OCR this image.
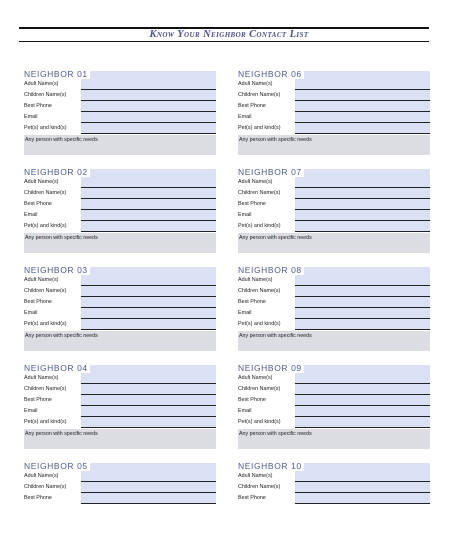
Know Your Neighbor Contact List
NEIGHBOR 01
Adult Name(s)
Children Name(s)
Best Phone
Email
Pet(s) and kind(s)
Any person with specific needs
NEIGHBOR 02
Adult Name(s)
Children Name(s)
Best Phone
Email
Pet(s) and kind(s)
Any person with specific needs
NEIGHBOR 03
Adult Name(s)
Children Name(s)
Best Phone
Email
Pet(s) and kind(s)
Any person with specific needs
NEIGHBOR 04
Adult Name(s)
Children Name(s)
Best Phone
Email
Pet(s) and kind(s)
Any person with specific needs
NEIGHBOR 05
Adult Name(s)
Children Name(s)
Best Phone
NEIGHBOR 06
Adult Name(s)
Children Name(s)
Best Phone
Email
Pet(s) and kind(s)
Any person with specific needs
NEIGHBOR 07
Adult Name(s)
Children Name(s)
Best Phone
Email
Pet(s) and kind(s)
Any person with specific needs
NEIGHBOR 08
Adult Name(s)
Children Name(s)
Best Phone
Email
Pet(s) and kind(s)
Any person with specific needs
NEIGHBOR 09
Adult Name(s)
Children Name(s)
Best Phone
Email
Pet(s) and kind(s)
Any person with specific needs
NEIGHBOR 10
Adult Name(s)
Children Name(s)
Best Phone
